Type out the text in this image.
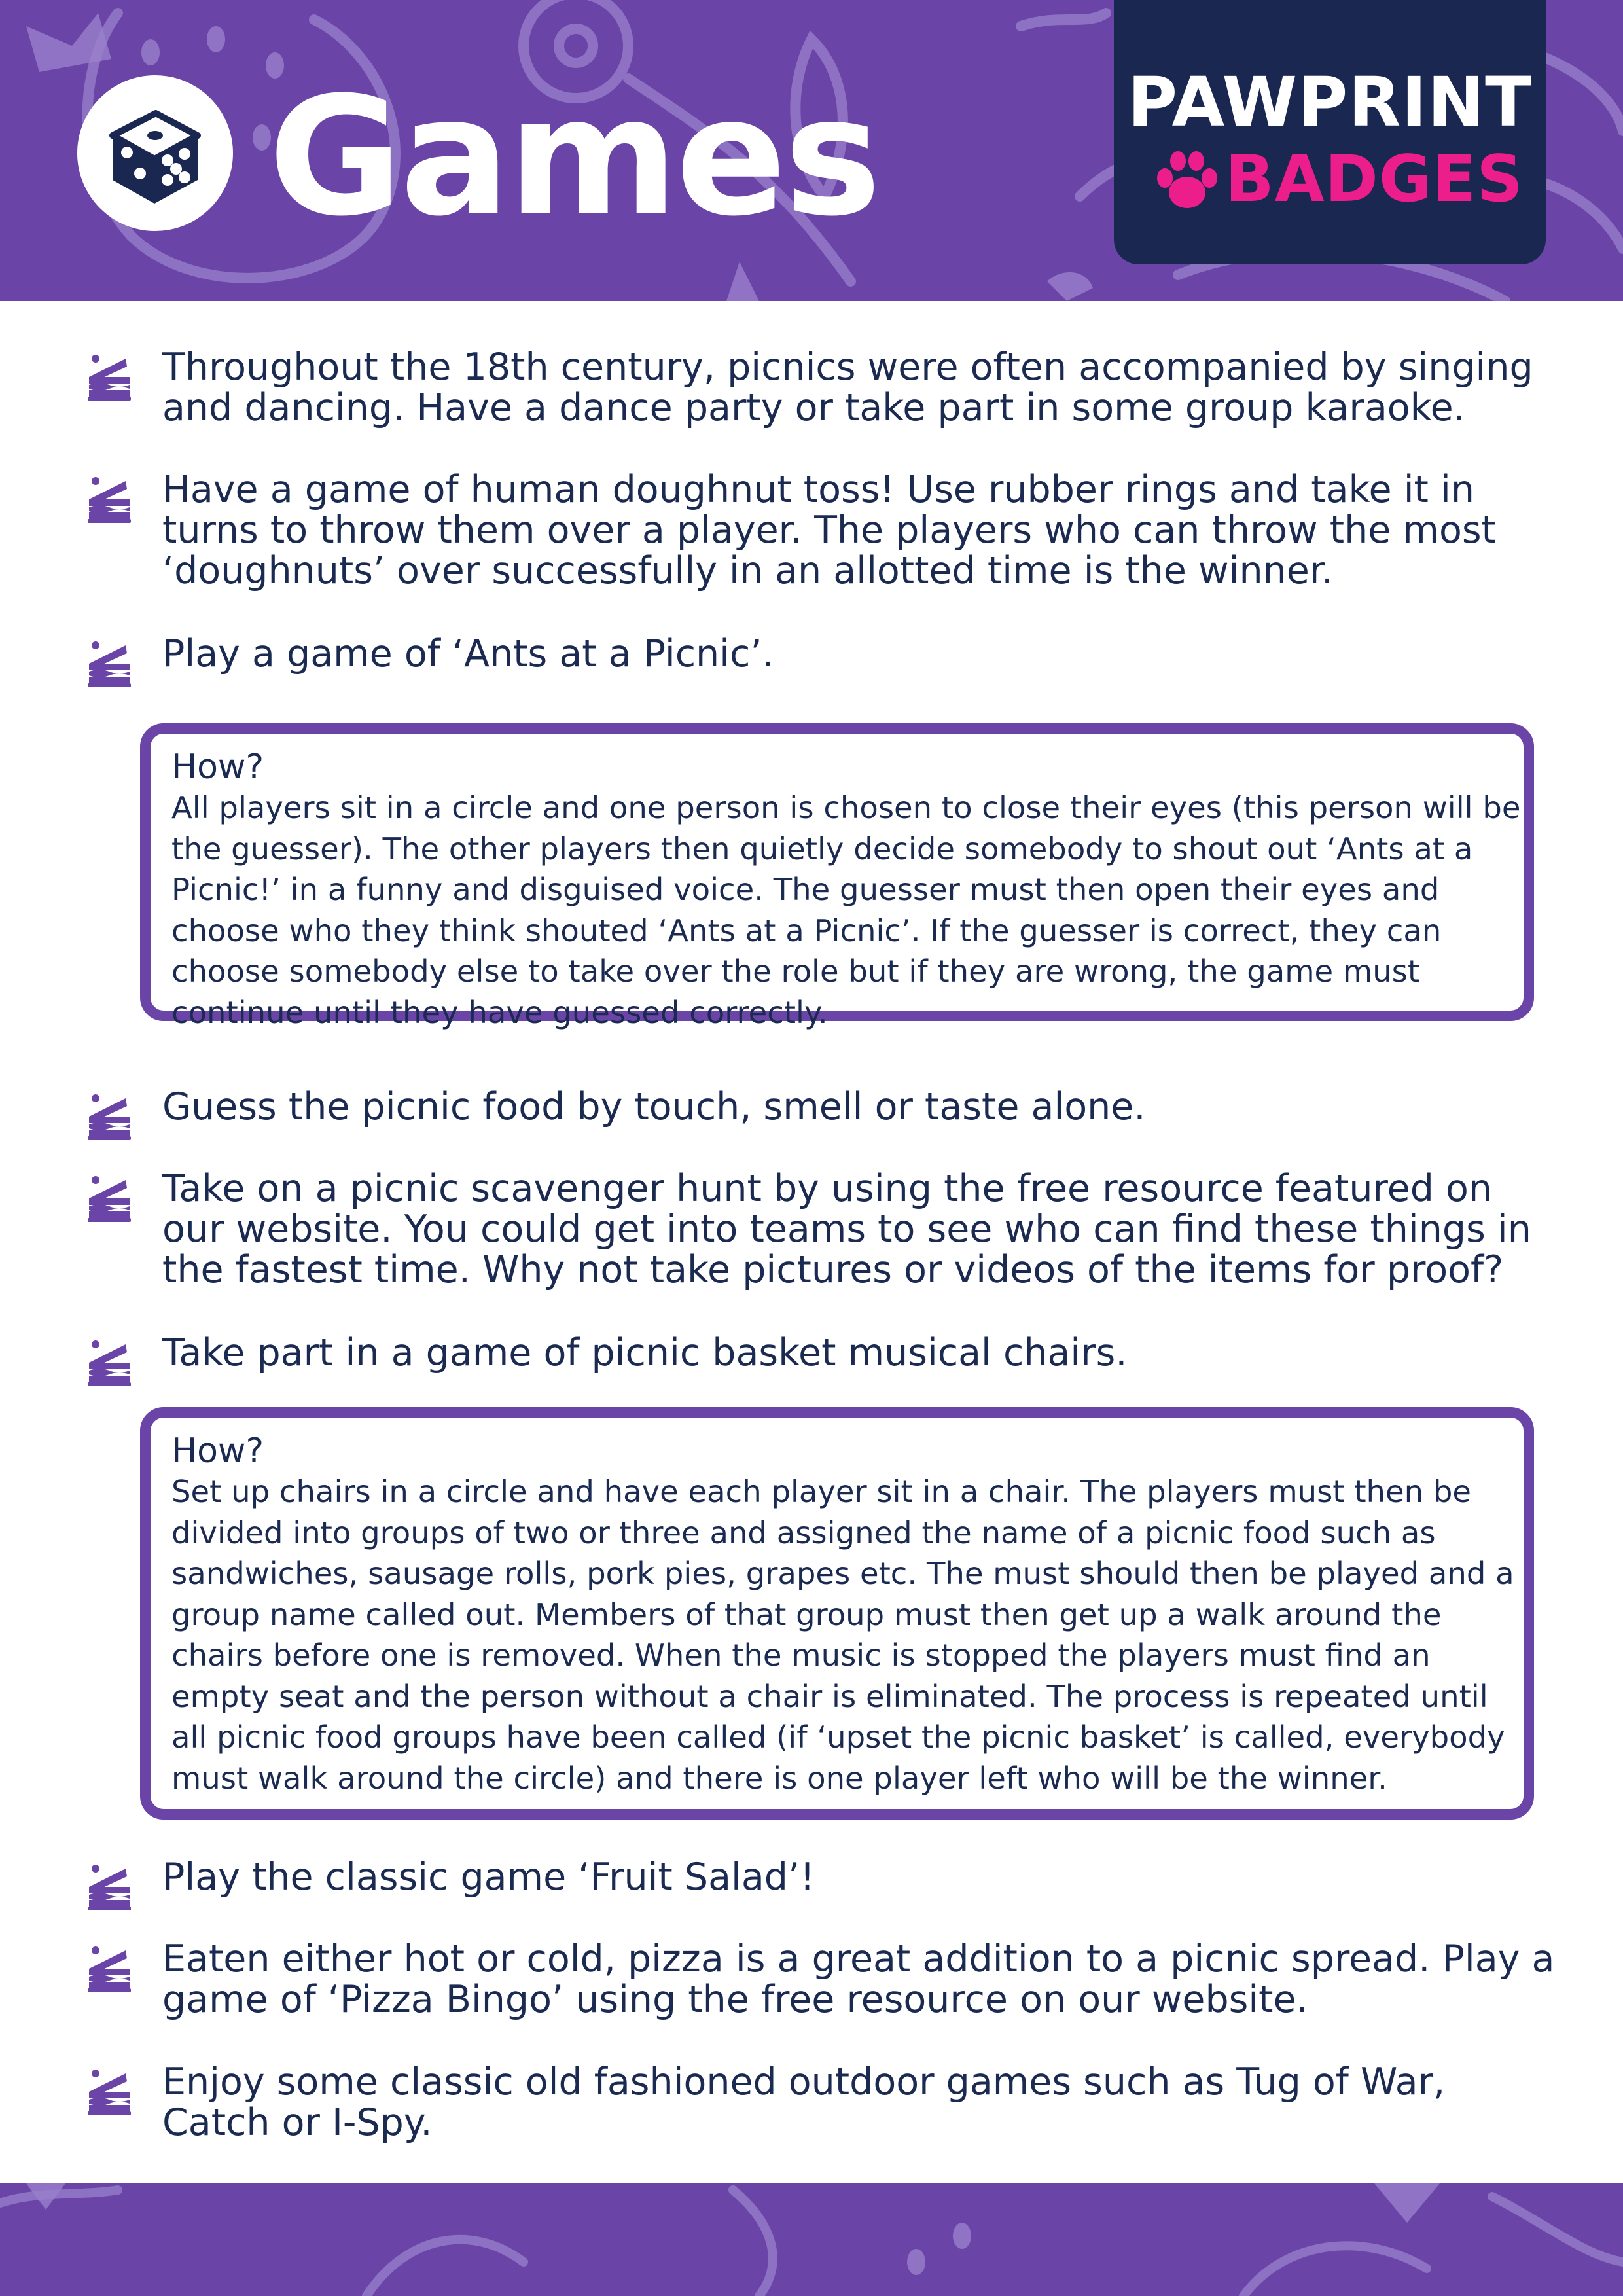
Games	PAWPRINT
BADGES

Throughout the 18th century, picnics were often accompanied by singing and dancing. Have a dance party or take part in some group karaoke.

Have a game of human doughnut toss! Use rubber rings and take it in turns to throw them over a player. The players who can throw the most ‘doughnuts’ over successfully in an allotted time is the winner.

Play a game of ‘Ants at a Picnic’.

How?

All players sit in a circle and one person is chosen to close their eyes (this person will be the guesser). The other players then quietly decide somebody to shout out ‘Ants at a Picnic!’ in a funny and disguised voice. The guesser must then open their eyes and choose who they think shouted ‘Ants at a Picnic’. If the guesser is correct, they can choose somebody else to take over the role but if they are wrong, the game must continue until they have guessed correctly.

Guess the picnic food by touch, smell or taste alone.

Take on a picnic scavenger hunt by using the free resource featured on our website. You could get into teams to see who can find these things in the fastest time. Why not take pictures or videos of the items for proof?

Take part in a game of picnic basket musical chairs.

How?

Set up chairs in a circle and have each player sit in a chair. The players must then be divided into groups of two or three and assigned the name of a picnic food such as sandwiches, sausage rolls, pork pies, grapes etc. The must should then be played and a group name called out. Members of that group must then get up a walk around the chairs before one is removed. When the music is stopped the players must find an empty seat and the person without a chair is eliminated. The process is repeated until all picnic food groups have been called (if ‘upset the picnic basket’ is called, everybody must walk around the circle) and there is one player left who will be the winner.

Play the classic game ‘Fruit Salad’!

Eaten either hot or cold, pizza is a great addition to a picnic spread. Play a game of ‘Pizza Bingo’ using the free resource on our website.

Enjoy some classic old fashioned outdoor games such as Tug of War, Catch or I-Spy.
